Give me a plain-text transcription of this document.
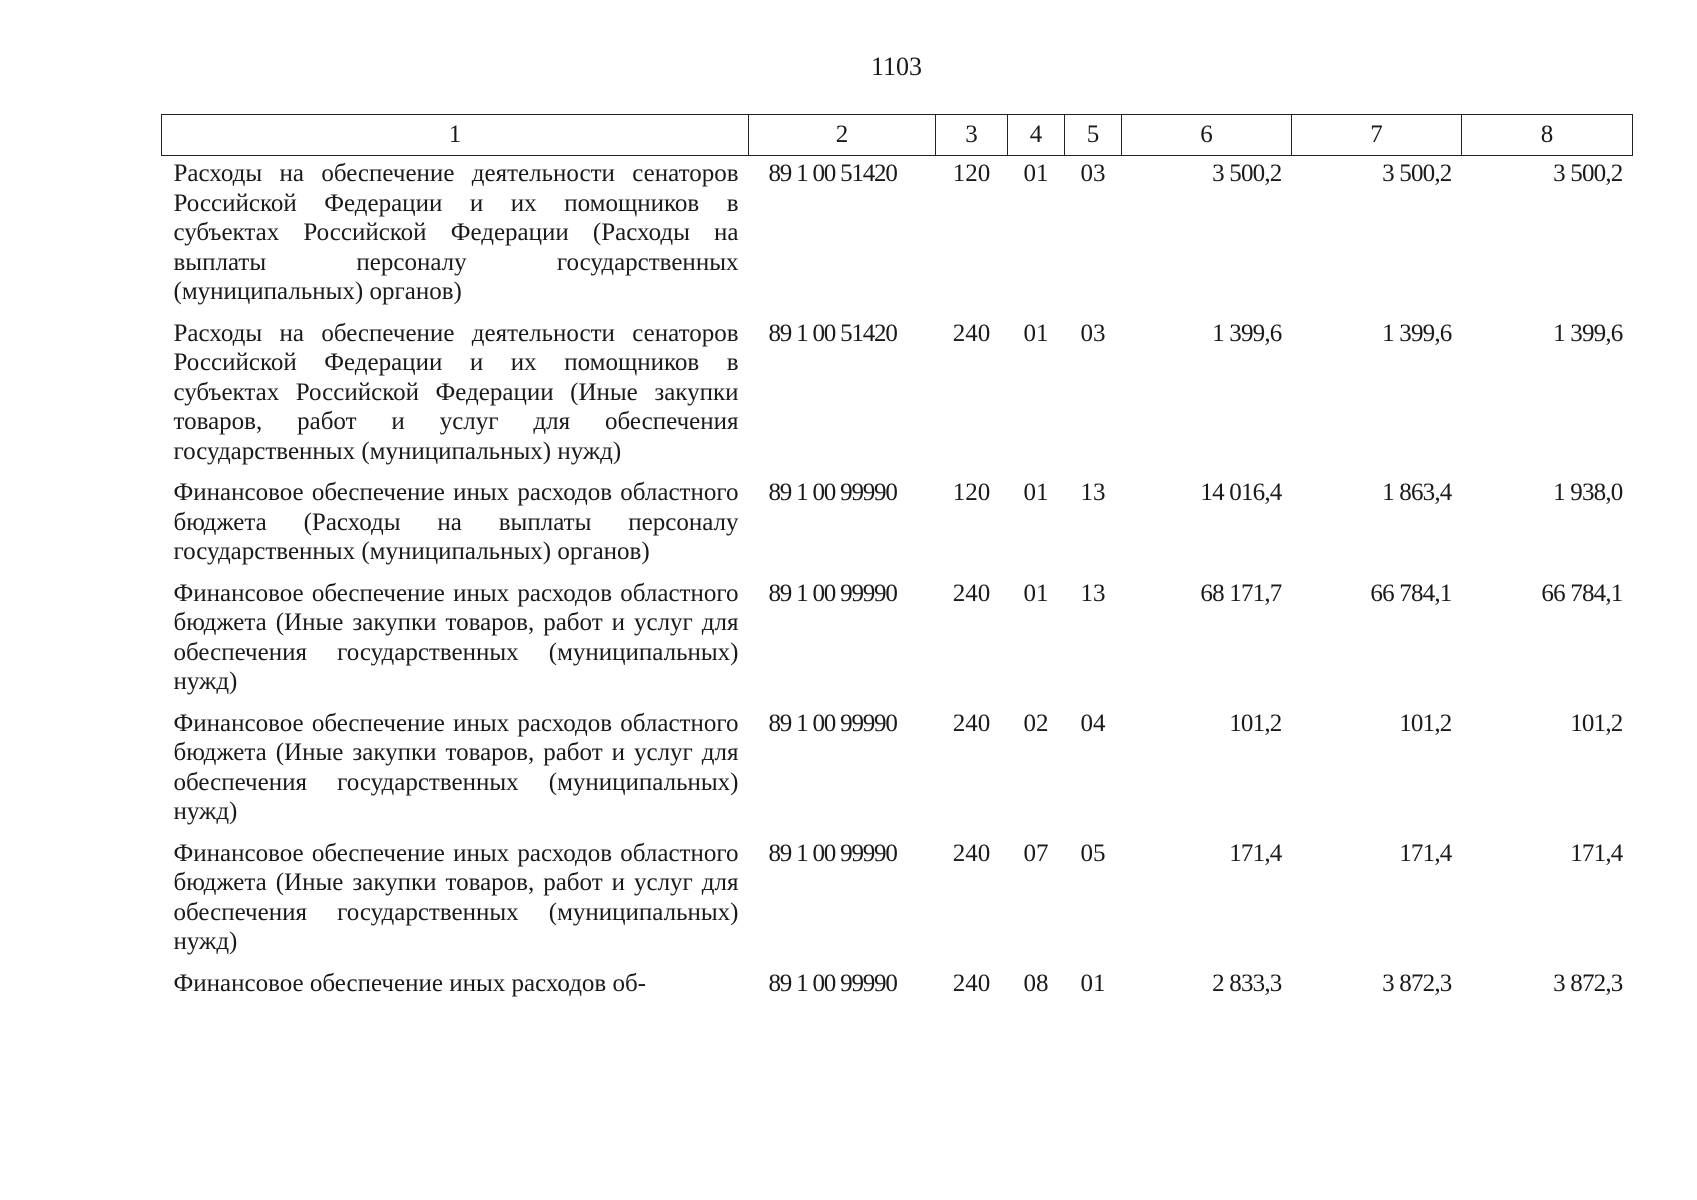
1103
1	2	3	4	5	6	7	8
Расходы на обеспечение деятельности сенаторов Российской Федерации и их помощников в субъектах Российской Федерации (Расходы на выплаты персоналу государственных (муниципальных) органов)	89 1 00 51420	120	01	03	3 500,2	3 500,2	3 500,2
Расходы на обеспечение деятельности сенаторов Российской Федерации и их помощников в субъектах Российской Федерации (Иные закупки товаров, работ и услуг для обеспечения государственных (муниципальных) нужд)	89 1 00 51420	240	01	03	1 399,6	1 399,6	1 399,6
Финансовое обеспечение иных расходов областного бюджета (Расходы на выплаты персоналу государственных (муниципальных) органов)	89 1 00 99990	120	01	13	14 016,4	1 863,4	1 938,0
Финансовое обеспечение иных расходов областного бюджета (Иные закупки товаров, работ и услуг для обеспечения государственных (муниципальных) нужд)	89 1 00 99990	240	01	13	68 171,7	66 784,1	66 784,1
Финансовое обеспечение иных расходов областного бюджета (Иные закупки товаров, работ и услуг для обеспечения государственных (муниципальных) нужд)	89 1 00 99990	240	02	04	101,2	101,2	101,2
Финансовое обеспечение иных расходов областного бюджета (Иные закупки товаров, работ и услуг для обеспечения государственных (муниципальных) нужд)	89 1 00 99990	240	07	05	171,4	171,4	171,4
Финансовое обеспечение иных расходов об-	89 1 00 99990	240	08	01	2 833,3	3 872,3	3 872,3
